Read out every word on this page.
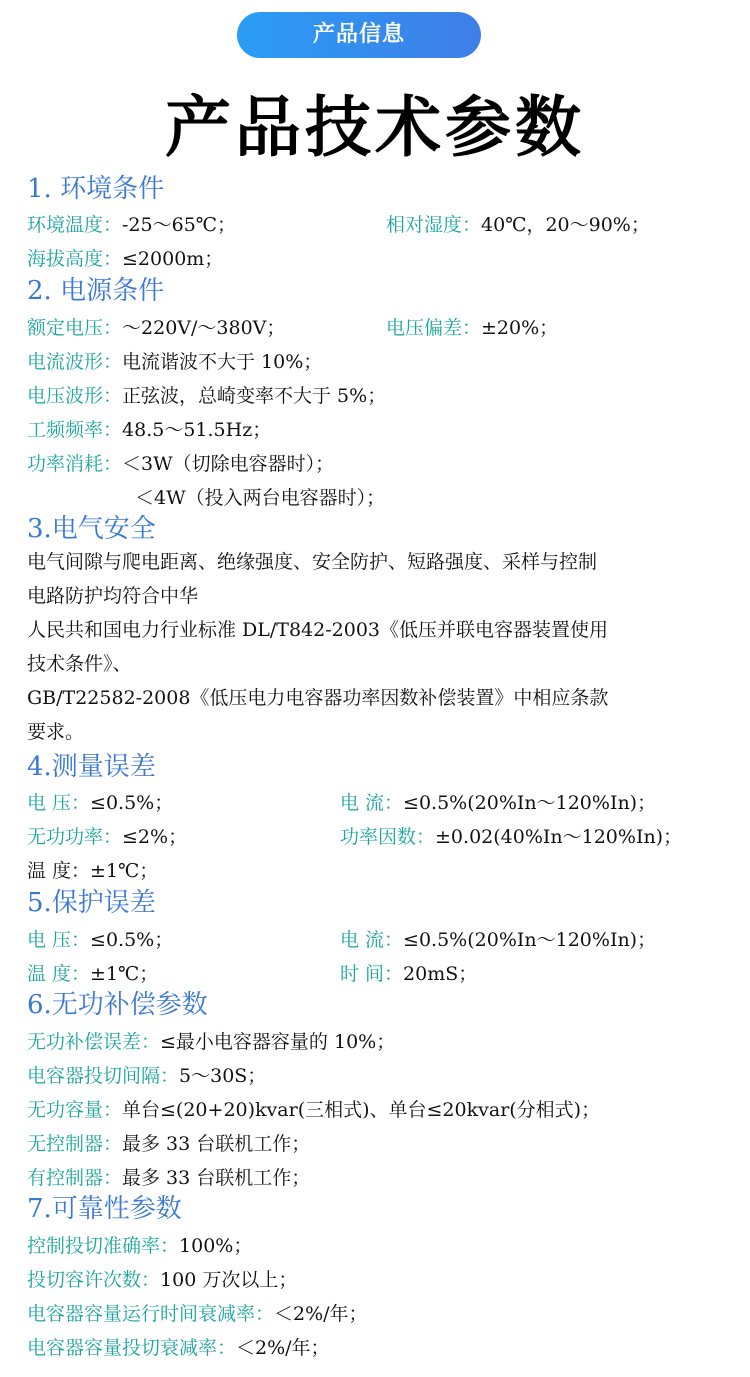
产品信息
产品技术参数
1. 环境条件
环境温度：-25～65℃；	相对湿度：40℃，20～90%；
海拔高度：≤2000m；
2. 电源条件
额定电压：～220V/～380V；	电压偏差：±20%；
电流波形：电流谐波不大于 10%；
电压波形：正弦波，总崎变率不大于 5%；
工频频率：48.5～51.5Hz；
功率消耗：＜3W（切除电容器时）；
＜4W（投入两台电容器时）；
3.电气安全
电气间隙与爬电距离、绝缘强度、安全防护、短路强度、采样与控制
电路防护均符合中华
人民共和国电力行业标准 DL/T842-2003《低压并联电容器装置使用
技术条件》、
GB/T22582-2008《低压电力电容器功率因数补偿装置》中相应条款
要求。
4.测量误差
电 压：≤0.5%；	电 流：≤0.5%(20%In～120%In)；
无功功率：≤2%；	功率因数：±0.02(40%In～120%In)；
温 度：±1℃；
5.保护误差
电 压：≤0.5%；	电 流：≤0.5%(20%In～120%In)；
温 度：±1℃；	时 间：20mS；
6.无功补偿参数
无功补偿误差：≤最小电容器容量的 10%；
电容器投切间隔：5～30S；
无功容量：单台≤(20+20)kvar(三相式)、单台≤20kvar(分相式)；
无控制器：最多 33 台联机工作；
有控制器：最多 33 台联机工作；
7.可靠性参数
控制投切准确率：100%；
投切容许次数：100 万次以上；
电容器容量运行时间衰减率：＜2%/年；
电容器容量投切衰减率：＜2%/年；
